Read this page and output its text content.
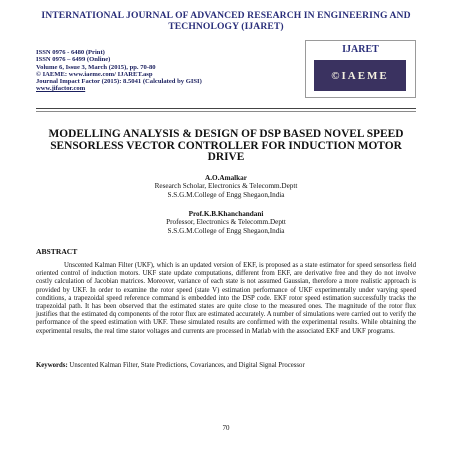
INTERNATIONAL JOURNAL OF ADVANCED RESEARCH IN ENGINEERING AND TECHNOLOGY (IJARET)
ISSN 0976 - 6480 (Print)
ISSN 0976 – 6499 (Online)
Volume 6, Issue 3, March (2015), pp. 70-80
© IAEME: www.iaeme.com/ IJARET.asp
Journal Impact Factor (2015): 8.5041 (Calculated by GISI)
www.jifactor.com
IJARET
©IAEME
MODELLING ANALYSIS & DESIGN OF DSP BASED NOVEL SPEED SENSORLESS VECTOR CONTROLLER FOR INDUCTION MOTOR DRIVE
A.O.Amalkar
Research Scholar, Electronics & Telecomm.Deptt
S.S.G.M.College of Engg Shegaon,India
Prof.K.B.Khanchandani
Professor, Electronics & Telecomm.Deptt
S.S.G.M.College of Engg Shegaon,India
ABSTRACT
Unscented Kalman Filter (UKF), which is an updated version of EKF, is proposed as a state estimator for speed sensorless field oriented control of induction motors. UKF state update computations, different from EKF, are derivative free and they do not involve costly calculation of Jacobian matrices. Moreover, variance of each state is not assumed Gaussian, therefore a more realistic approach is provided by UKF. In order to examine the rotor speed (state V) estimation performance of UKF experimentally under varying speed conditions, a trapezoidal speed reference command is embedded into the DSP code. EKF rotor speed estimation successfully tracks the trapezoidal path. It has been observed that the estimated states are quite close to the measured ones. The magnitude of the rotor flux justifies that the estimated dq components of the rotor flux are estimated accurately. A number of simulations were carried out to verify the performance of the speed estimation with UKF. These simulated results are confirmed with the experimental results. While obtaining the experimental results, the real time stator voltages and currents are processed in Matlab with the associated EKF and UKF programs.
Keywords: Unscented Kalman Filter, State Predictions, Covariances, and Digital Signal Processor
70
